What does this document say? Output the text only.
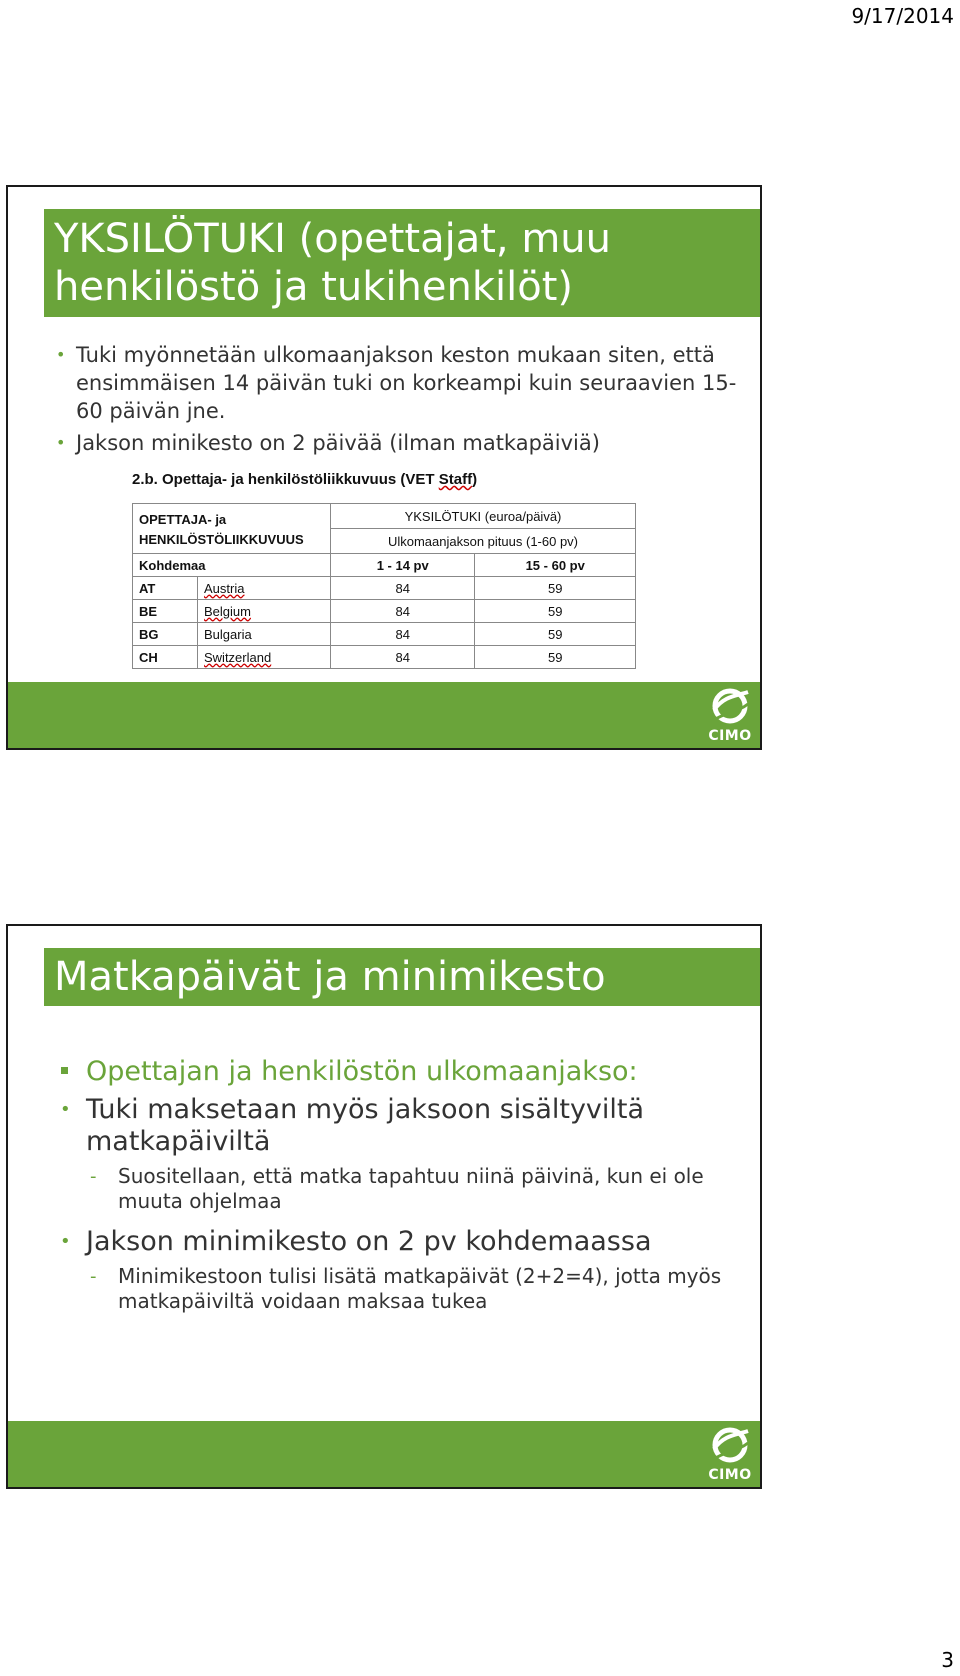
9/17/2014
YKSILÖTUKI (opettajat, muu henkilöstö ja tukihenkilöt)
• Tuki myönnetään ulkomaanjakson keston mukaan siten, että ensimmäisen 14 päivän tuki on korkeampi kuin seuraavien 15-60 päivän jne.
• Jakson minikesto on 2 päivää (ilman matkapäiviä)
2.b. Opettaja- ja henkilöstöliikkuvuus (VET Staff)
OPETTAJA- ja
HENKILÖSTÖLIIKKUVUUS		YKSILÖTUKI (euroa/päivä)	
		Ulkomaanjakson pituus (1-60 pv)	
Kohdemaa		1 - 14 pv	15 - 60 pv
AT	Austria	84	59
BE	Belgium	84	59
BG	Bulgaria	84	59
CH	Switzerland	84	59
CIMO
Matkapäivät ja minimikesto
Opettajan ja henkilöstön ulkomaanjakso:
• Tuki maksetaan myös jaksoon sisältyviltä matkapäiviltä
- Suositellaan, että matka tapahtuu niinä päivinä, kun ei ole muuta ohjelmaa
• Jakson minimikesto on 2 pv kohdemaassa
- Minimikestoon tulisi lisätä matkapäivät (2+2=4), jotta myös matkapäiviltä voidaan maksaa tukea
CIMO
3
